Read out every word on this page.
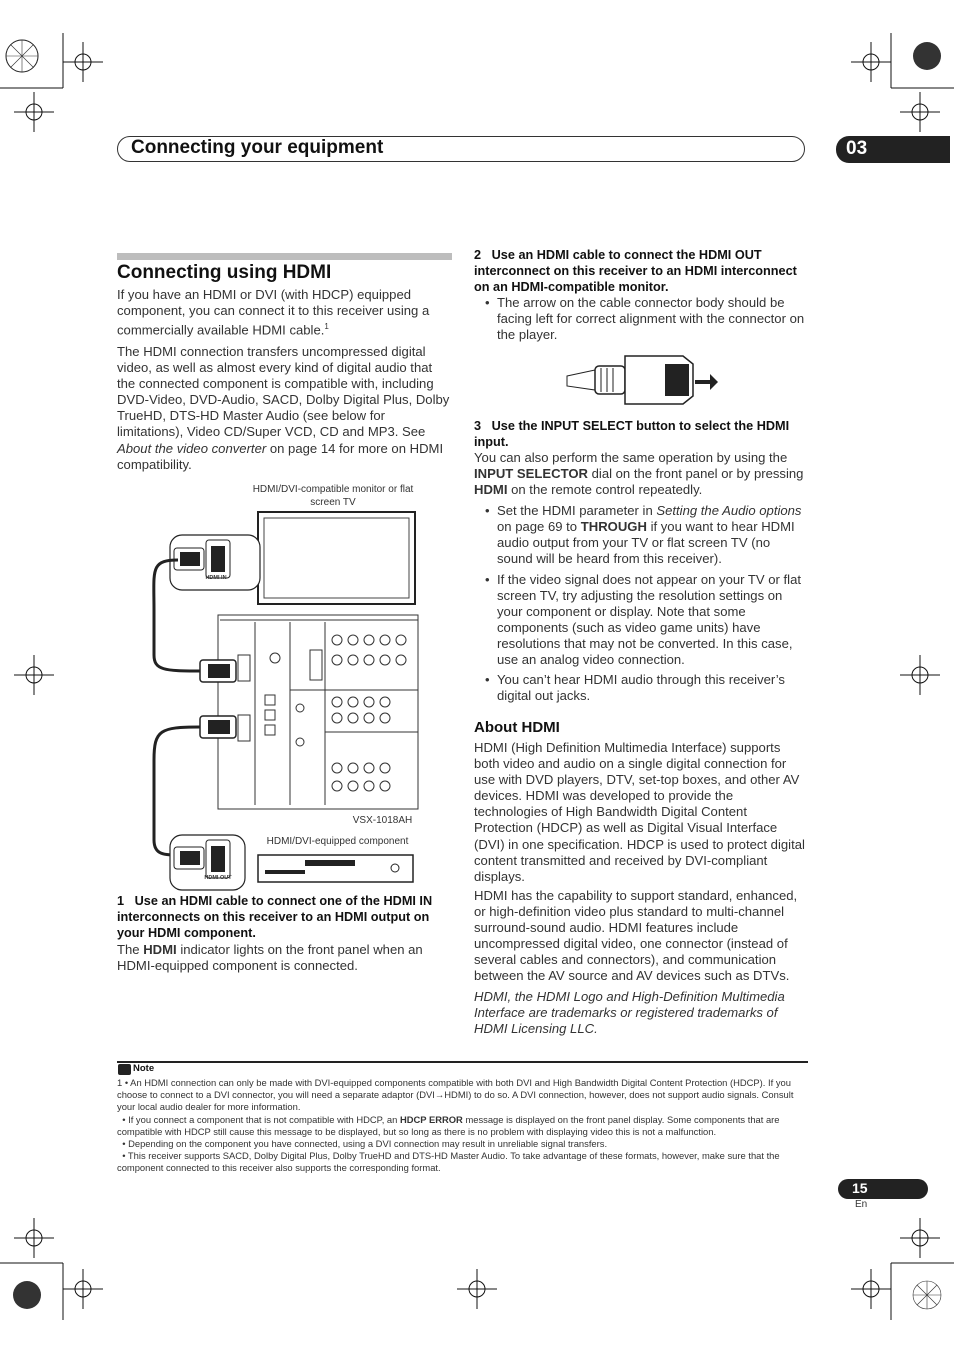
Connecting your equipment	03
Connecting using HDMI

If you have an HDMI or DVI (with HDCP) equipped component, you can connect it to this receiver using a commercially available HDMI cable.$^1$

The HDMI connection transfers uncompressed digital video, as well as almost every kind of digital audio that the connected component is compatible with, including DVD-Video, DVD-Audio, SACD, Dolby Digital Plus, Dolby TrueHD, DTS-HD Master Audio (see below for limitations), Video CD/Super VCD, CD and MP3. See About the video converter on page 14 for more on HDMI compatibility.

HDMI/DVI-compatible monitor or flat screen TV
HDMI IN
VSX-1018AH
HDMI/DVI-equipped component
HDMI OUT

1 Use an HDMI cable to connect one of the HDMI IN interconnects on this receiver to an HDMI output on your HDMI component.

The HDMI indicator lights on the front panel when an HDMI-equipped component is connected.

2 Use an HDMI cable to connect the HDMI OUT interconnect on this receiver to an HDMI interconnect on an HDMI-compatible monitor.

• The arrow on the cable connector body should be facing left for correct alignment with the connector on the player.

3 Use the INPUT SELECT button to select the HDMI input.

You can also perform the same operation by using the INPUT SELECTOR dial on the front panel or by pressing HDMI on the remote control repeatedly.

• Set the HDMI parameter in Setting the Audio options on page 69 to THROUGH if you want to hear HDMI audio output from your TV or flat screen TV (no sound will be heard from this receiver).
• If the video signal does not appear on your TV or flat screen TV, try adjusting the resolution settings on your component or display. Note that some components (such as video game units) have resolutions that may not be converted. In this case, use an analog video connection.
• You can’t hear HDMI audio through this receiver’s digital out jacks.
About HDMI

HDMI (High Definition Multimedia Interface) supports both video and audio on a single digital connection for use with DVD players, DTV, set-top boxes, and other AV devices. HDMI was developed to provide the technologies of High Bandwidth Digital Content Protection (HDCP) as well as Digital Visual Interface (DVI) in one specification. HDCP is used to protect digital content transmitted and received by DVI-compliant displays.

HDMI has the capability to support standard, enhanced, or high-definition video plus standard to multi-channel surround-sound audio. HDMI features include uncompressed digital video, one connector (instead of several cables and connectors), and communication between the AV source and AV devices such as DTVs.

HDMI, the HDMI Logo and High-Definition Multimedia Interface are trademarks or registered trademarks of HDMI Licensing LLC.

Note

1 • An HDMI connection can only be made with DVI-equipped components compatible with both DVI and High Bandwidth Digital Content Protection (HDCP). If you choose to connect to a DVI connector, you will need a separate adaptor (DVI→HDMI) to do so. A DVI connection, however, does not support audio signals. Consult your local audio dealer for more information.

• If you connect a component that is not compatible with HDCP, an HDCP ERROR message is displayed on the front panel display. Some components that are compatible with HDCP still cause this message to be displayed, but so long as there is no problem with displaying video this is not a malfunction.

• Depending on the component you have connected, using a DVI connection may result in unreliable signal transfers.

• This receiver supports SACD, Dolby Digital Plus, Dolby TrueHD and DTS-HD Master Audio. To take advantage of these formats, however, make sure that the component connected to this receiver also supports the corresponding format.

15
En
